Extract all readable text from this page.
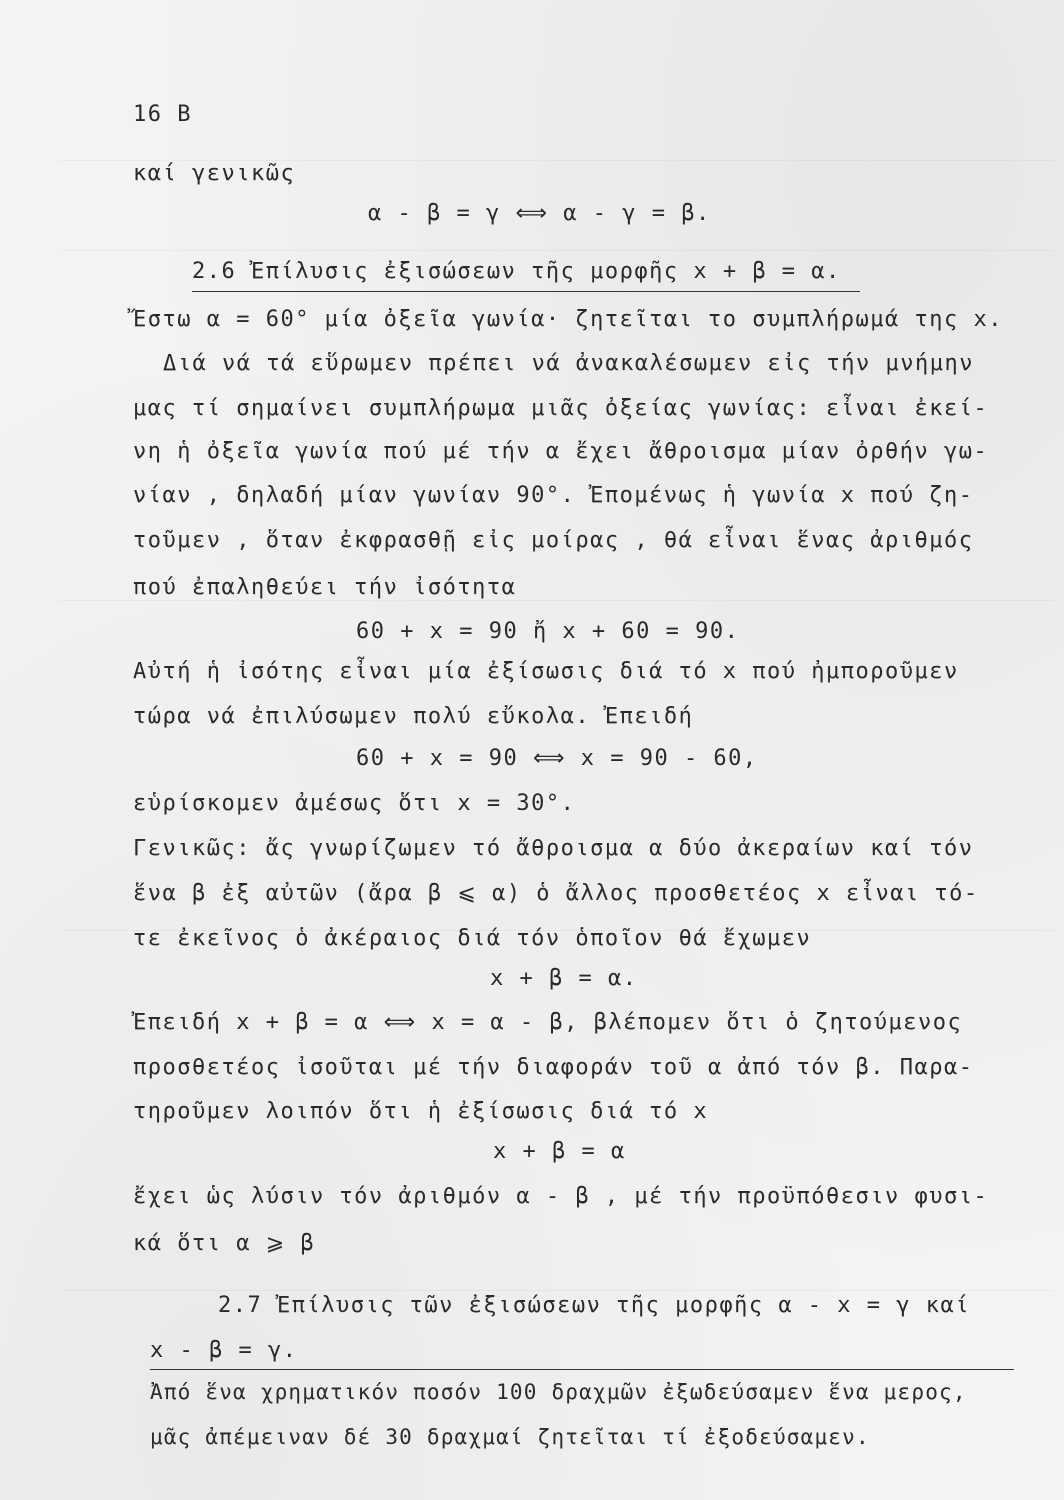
16 B
καί γενικῶς
α - β = γ ⟺ α - γ = β.
2.6 Ἐπίλυσις ἐξισώσεων τῆς μορφῆς x + β = α.
Ἔστω α = 60° μία ὀξεῖα γωνία· ζητεῖται το συμπλήρωμά της x.
Διά νά τά εὕρωμεν πρέπει νά ἀνακαλέσωμεν εἰς τήν μνήμην
μας τί σημαίνει συμπλήρωμα μιᾶς ὀξείας γωνίας: εἶναι ἐκεί-
νη ἡ ὀξεῖα γωνία πού μέ τήν α ἔχει ἄθροισμα μίαν ὀρθήν γω-
νίαν , δηλαδή μίαν γωνίαν 90°. Ἐπομένως ἡ γωνία x πού ζη-
τοῦμεν , ὅταν ἐκφρασθῇ εἰς μοίρας , θά εἶναι ἕνας ἀριθμός
πού ἐπαληθεύει τήν ἰσότητα
60 + x = 90 ἤ x + 60 = 90.
Αὐτή ἡ ἰσότης εἶναι μία ἐξίσωσις διά τό x πού ἠμποροῦμεν
τώρα νά ἐπιλύσωμεν πολύ εὔκολα. Ἐπειδή
60 + x = 90 ⟺ x = 90 - 60,
εὑρίσκομεν ἀμέσως ὅτι x = 30°.
Γενικῶς: ἄς γνωρίζωμεν τό ἄθροισμα α δύο ἀκεραίων καί τόν
ἕνα β ἐξ αὐτῶν (ἄρα β ⩽ α) ὁ ἄλλος προσθετέος x εἶναι τό-
τε ἐκεῖνος ὁ ἀκέραιος διά τόν ὁποῖον θά ἔχωμεν
x + β = α.
Ἐπειδή x + β = α ⟺ x = α - β, βλέπομεν ὅτι ὁ ζητούμενος
προσθετέος ἰσοῦται μέ τήν διαφοράν τοῦ α ἀπό τόν β. Παρα-
τηροῦμεν λοιπόν ὅτι ἡ ἐξίσωσις διά τό x
x + β = α
ἔχει ὡς λύσιν τόν ἀριθμόν α - β , μέ τήν προϋπόθεσιν φυσι-
κά ὅτι α ⩾ β
2.7 Ἐπίλυσις τῶν ἐξισώσεων τῆς μορφῆς α - x = γ καί
x - β = γ.
Ἀπό ἕνα χρηματικόν ποσόν 100 δραχμῶν ἐξωδεύσαμεν ἕνα μερος,
μᾶς ἀπέμειναν δέ 30 δραχμαί ζητεῖται τί ἐξοδεύσαμεν.
